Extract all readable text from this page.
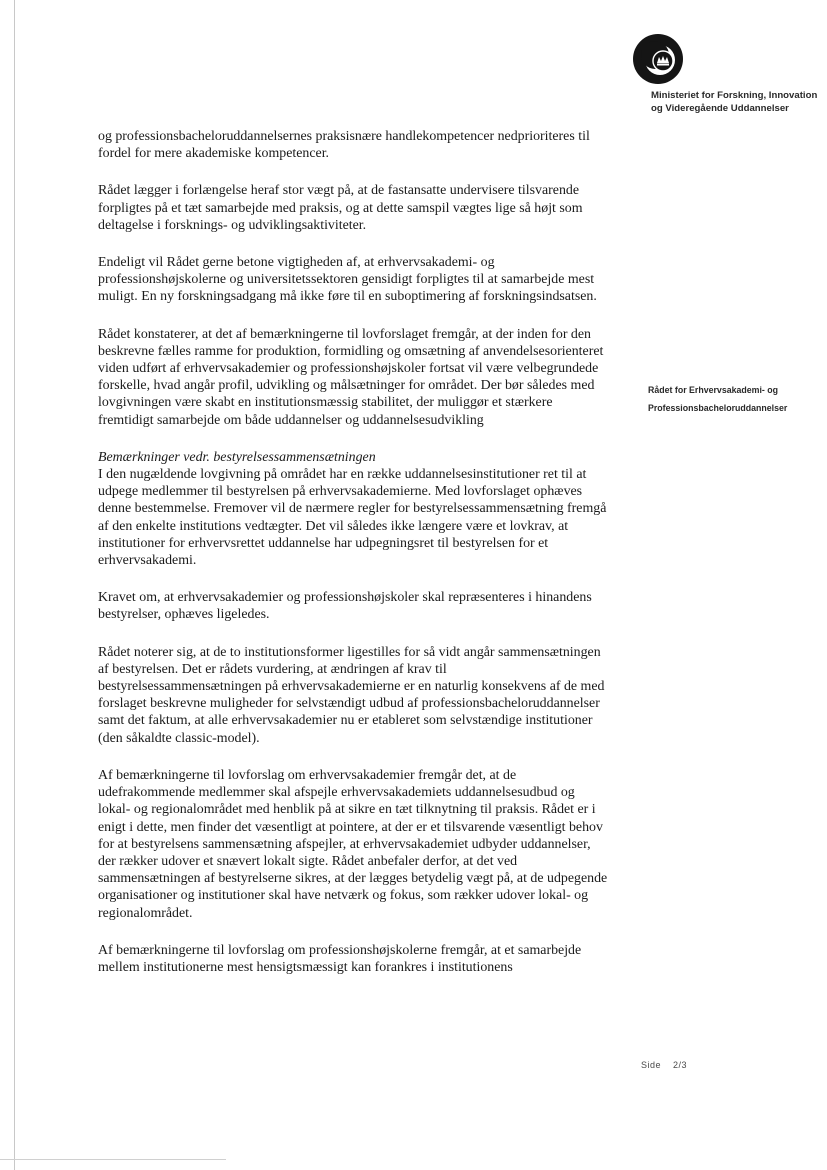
Ministeriet for Forskning, Innovation
og Videregående Uddannelser
Rådet for Erhvervsakademi- og
Professionsbacheloruddannelser

og professionsbacheloruddannelsernes praksisnære handlekompetencer nedprioriteres til fordel for mere akademiske kompetencer.

Rådet lægger i forlængelse heraf stor vægt på, at de fastansatte undervisere tilsvarende forpligtes på et tæt samarbejde med praksis, og at dette samspil vægtes lige så højt som deltagelse i forsknings- og udviklingsaktiviteter.

Endeligt vil Rådet gerne betone vigtigheden af, at erhvervsakademi- og professionshøjskolerne og universitetssektoren gensidigt forpligtes til at samarbejde mest muligt. En ny forskningsadgang må ikke føre til en suboptimering af forskningsindsatsen.

Rådet konstaterer, at det af bemærkningerne til lovforslaget fremgår, at der inden for den beskrevne fælles ramme for produktion, formidling og omsætning af anvendelsesorienteret viden udført af erhvervsakademier og professionshøjskoler fortsat vil være velbegrundede forskelle, hvad angår profil, udvikling og målsætninger for området. Der bør således med lovgivningen være skabt en institutionsmæssig stabilitet, der muliggør et stærkere fremtidigt samarbejde om både uddannelser og uddannelsesudvikling

Bemærkninger vedr. bestyrelsessammensætningen

I den nugældende lovgivning på området har en række uddannelsesinstitutioner ret til at udpege medlemmer til bestyrelsen på erhvervsakademierne. Med lovforslaget ophæves denne bestemmelse. Fremover vil de nærmere regler for bestyrelsessammensætning fremgå af den enkelte institutions vedtægter. Det vil således ikke længere være et lovkrav, at institutioner for erhvervsrettet uddannelse har udpegningsret til bestyrelsen for et erhvervsakademi.

Kravet om, at erhvervsakademier og professionshøjskoler skal repræsenteres i hinandens bestyrelser, ophæves ligeledes.

Rådet noterer sig, at de to institutionsformer ligestilles for så vidt angår sammensætningen af bestyrelsen. Det er rådets vurdering, at ændringen af krav til bestyrelsessammensætningen på erhvervsakademierne er en naturlig konsekvens af de med forslaget beskrevne muligheder for selvstændigt udbud af professionsbacheloruddannelser samt det faktum, at alle erhvervsakademier nu er etableret som selvstændige institutioner (den såkaldte classic-model).

Af bemærkningerne til lovforslag om erhvervsakademier fremgår det, at de udefrakommende medlemmer skal afspejle erhvervsakademiets uddannelsesudbud og lokal- og regionalområdet med henblik på at sikre en tæt tilknytning til praksis. Rådet er i enigt i dette, men finder det væsentligt at pointere, at der er et tilsvarende væsentligt behov for at bestyrelsens sammensætning afspejler, at erhvervsakademiet udbyder uddannelser, der rækker udover et snævert lokalt sigte. Rådet anbefaler derfor, at det ved sammensætningen af bestyrelserne sikres, at der lægges betydelig vægt på, at de udpegende organisationer og institutioner skal have netværk og fokus, som rækker udover lokal- og regionalområdet.

Af bemærkningerne til lovforslag om professionshøjskolerne fremgår, at et samarbejde mellem institutionerne mest hensigtsmæssigt kan forankres i institutionens

Side 2/3
